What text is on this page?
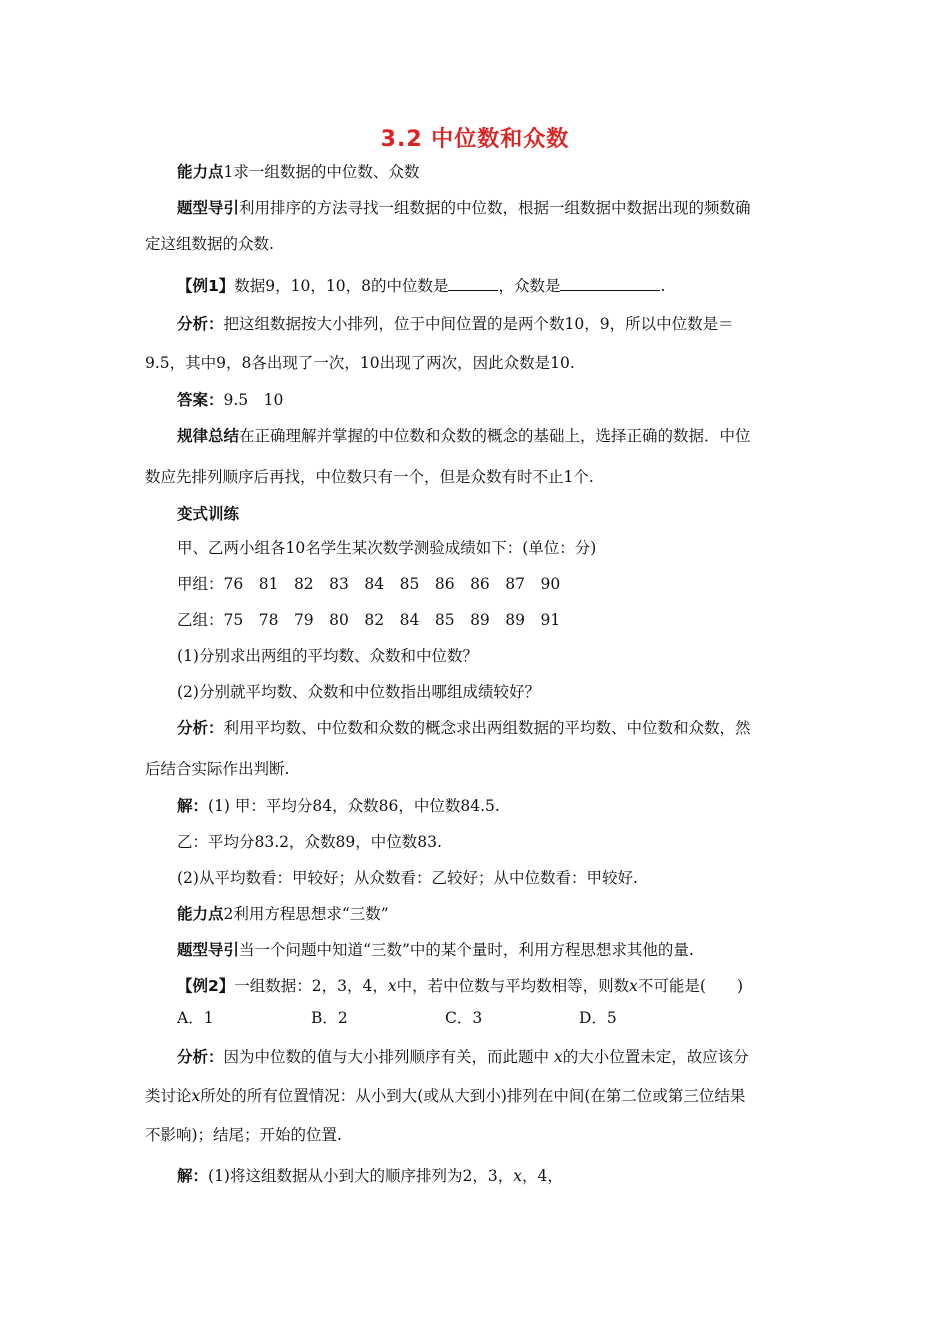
3.2 中位数和众数
能力点1求一组数据的中位数、众数
题型导引利用排序的方法寻找一组数据的中位数，根据一组数据中数据出现的频数确
定这组数据的众数.
【例1】数据9，10，10，8的中位数是	，众数是	.
分析：把这组数据按大小排列，位于中间位置的是两个数10，9，所以中位数是＝
9.5，其中9，8各出现了一次，10出现了两次，因此众数是10.
答案：9.5　10
规律总结在正确理解并掌握的中位数和众数的概念的基础上，选择正确的数据．中位
数应先排列顺序后再找，中位数只有一个，但是众数有时不止1个.
变式训练
甲、乙两小组各10名学生某次数学测验成绩如下：(单位：分)
甲组：76　81　82　83　84　85　86　86　87　90
乙组：75　78　79　80　82　84　85　89　89　91
(1)分别求出两组的平均数、众数和中位数？
(2)分别就平均数、众数和中位数指出哪组成绩较好？
分析：利用平均数、中位数和众数的概念求出两组数据的平均数、中位数和众数，然
后结合实际作出判断.
解：(1) 甲：平均分84，众数86，中位数84.5.
乙：平均分83.2，众数89，中位数83.
(2)从平均数看：甲较好；从众数看：乙较好；从中位数看：甲较好.
能力点2利用方程思想求“三数”
题型导引当一个问题中知道“三数”中的某个量时，利用方程思想求其他的量.
【例2】一组数据：2，3，4，x中，若中位数与平均数相等，则数x不可能是(　　)
A．1	B．2	C．3	D．5
分析：因为中位数的值与大小排列顺序有关，而此题中 x的大小位置未定，故应该分
类讨论x所处的所有位置情况：从小到大(或从大到小)排列在中间(在第二位或第三位结果
不影响)；结尾；开始的位置.
解：(1)将这组数据从小到大的顺序排列为2，3，x，4，
